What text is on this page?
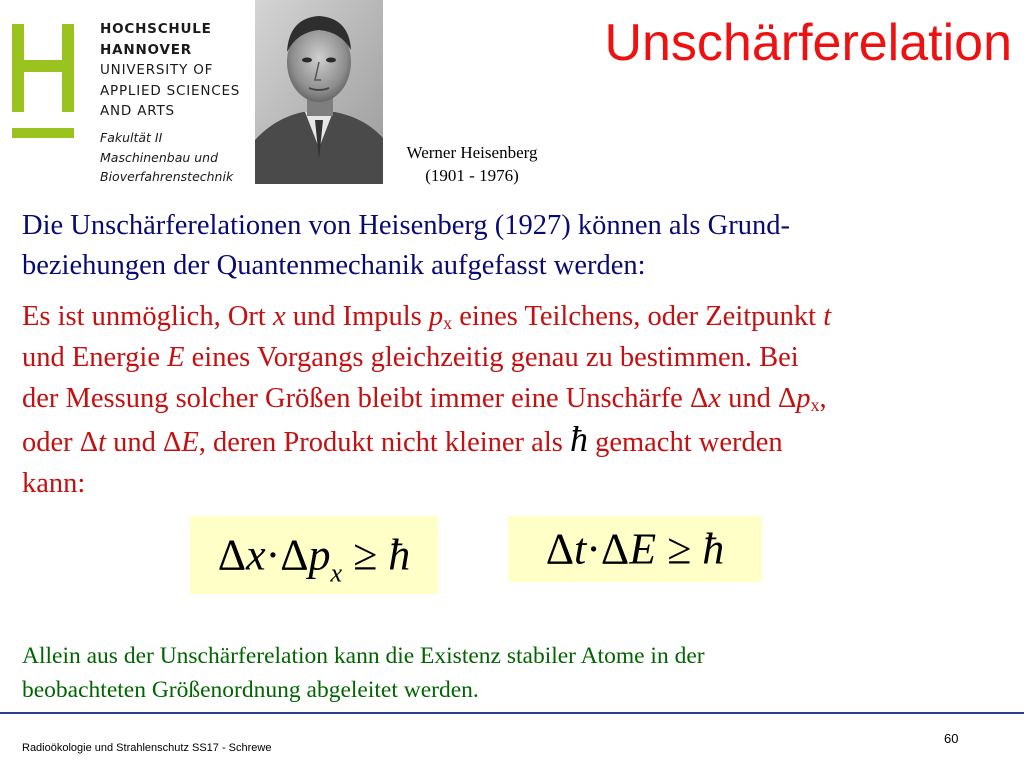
HOCHSCHULE
HANNOVER
UNIVERSITY OF
APPLIED SCIENCES
AND ARTS
Fakultät II
Maschinenbau und
Bioverfahrenstechnik
Werner Heisenberg
(1901 - 1976)
Unschärferelation
Die Unschärferelationen von Heisenberg (1927) können als Grund-
beziehungen der Quantenmechanik aufgefasst werden:
Es ist unmöglich, Ort x und Impuls $p_x$ eines Teilchens, oder Zeitpunkt t
und Energie E eines Vorgangs gleichzeitig genau zu bestimmen. Bei
der Messung solcher Größen bleibt immer eine Unschärfe Δx und $\Delta p_x$,
oder Δt und ΔE, deren Produkt nicht kleiner als ħ gemacht werden
kann:
$\Delta x\cdot\Delta p_x$ ≥ ħ	Δt·ΔE ≥ ħ
Allein aus der Unschärferelation kann die Existenz stabiler Atome in der
beobachteten Größenordnung abgeleitet werden.
Radioökologie und Strahlenschutz SS17 - Schrewe
60
